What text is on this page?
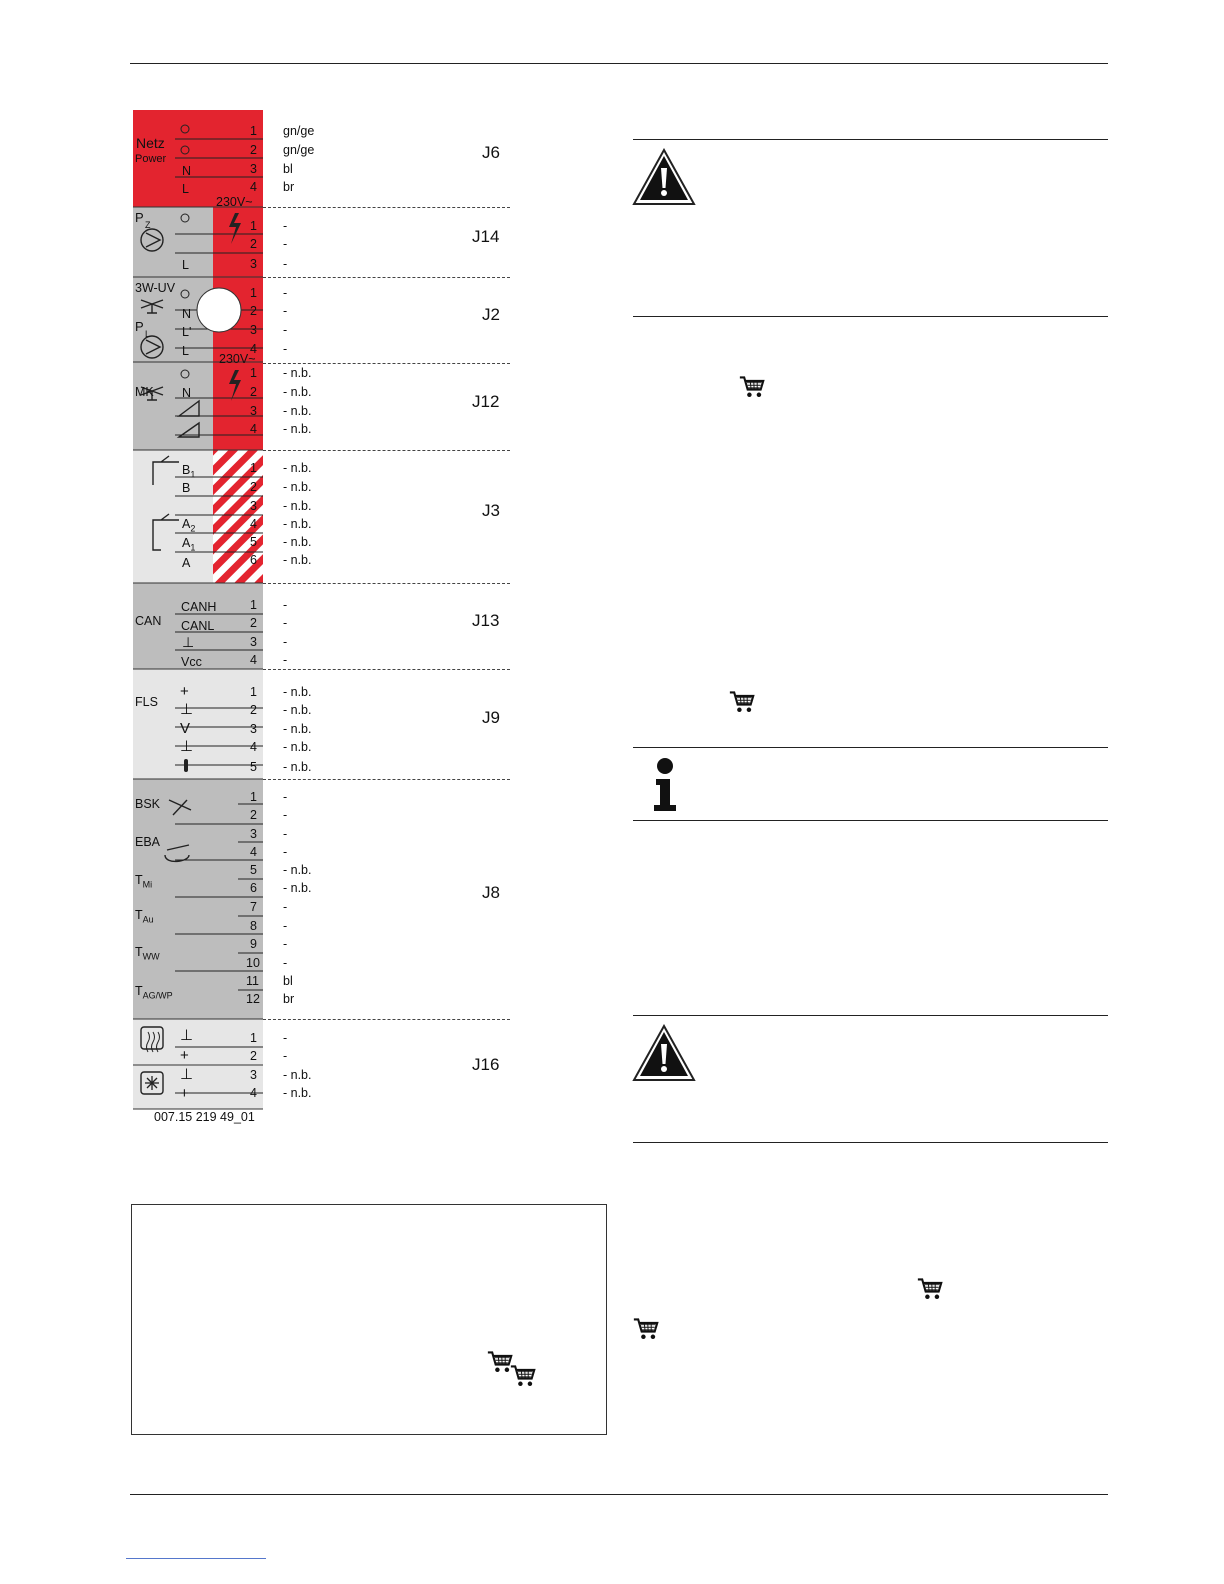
Netz
Power
N
L
230V~
P Z
L
3W-UV
P L
N
L'
L
230V~
MK N
$B_1$
B
$A_2$
$A_1$
A
CAN
CANH
CANL
⊥
Vcc
FLS
+
⊥
V
⊥
BSK
EBA
$T_{Mi}$
$T_{Au}$
$T_{WW}$
$T_{AG/WP}$
⊥
+
⊥
+
007.15 219 49_01
1
2
3
4
1
2
3
1
2
3
4
1
2
3
4
1
2
3
4
5
6
1
2
3
4
1
2
3
4
5
1
2
3
4
5
6
7
8
9
10
11
12
1
2
3
4
gn/ge
gn/ge
bl
br
-
-
-
-
-
-
-
- n.b.
- n.b.
- n.b.
- n.b.
- n.b.
- n.b.
- n.b.
- n.b.
- n.b.
- n.b.
-
-
-
-
- n.b.
- n.b.
- n.b.
- n.b.
- n.b.
-
-
-
-
- n.b.
- n.b.
-
-
-
-
bl
br
-
-
- n.b.
- n.b.
J6
J14
J2
J12
J3
J13
J9
J8
J16
